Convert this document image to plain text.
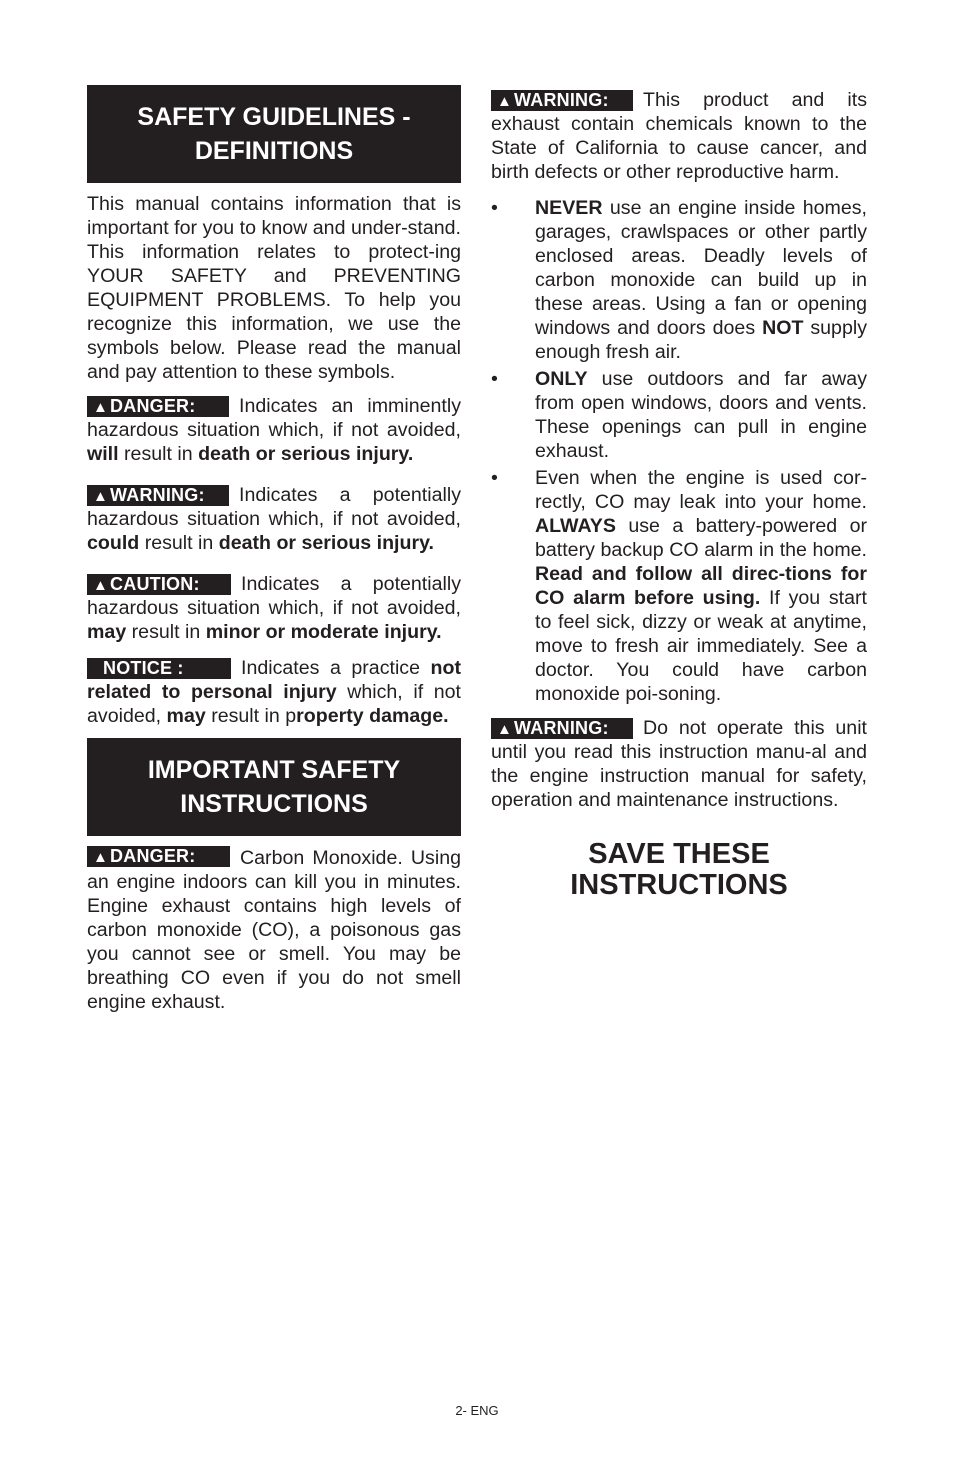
SAFETY GUIDELINES -
DEFINITIONS

This manual contains information that is important for you to know and under-stand. This information relates to protect-ing YOUR SAFETY and PREVENTING EQUIPMENT PROBLEMS. To help you recognize this information, we use the symbols below. Please read the manual and pay attention to these symbols.

▲ DANGER:	Indicates an imminently hazardous situation which, if not avoided, will result in death or serious injury.

▲ WARNING:	Indicates a potentially hazardous situation which, if not avoided, could result in death or serious injury.

▲ CAUTION:	Indicates a potentially hazardous situation which, if not avoided, may result in minor or moderate injury.

NOTICE :	Indicates a practice not related to personal injury which, if not avoided, may result in property damage.

IMPORTANT SAFETY
INSTRUCTIONS
▲ DANGER:	Carbon Monoxide. Using an engine indoors can kill you in minutes. Engine exhaust contains high levels of carbon monoxide (CO), a poisonous gas you cannot see or smell. You may be breathing CO even if you do not smell engine exhaust.

▲ WARNING:	This product and its exhaust contain chemicals known to the State of California to cause cancer, and birth defects or other reproductive harm.

• NEVER use an engine inside homes, garages, crawlspaces or other partly enclosed areas. Deadly levels of carbon monoxide can build up in these areas. Using a fan or opening windows and doors does NOT supply enough fresh air.

• ONLY use outdoors and far away from open windows, doors and vents. These openings can pull in engine exhaust.

• Even when the engine is used cor-rectly, CO may leak into your home. ALWAYS use a battery-powered or battery backup CO alarm in the home. Read and follow all direc-tions for CO alarm before using. If you start to feel sick, dizzy or weak at anytime, move to fresh air immediately. See a doctor. You could have carbon monoxide poi-soning.

▲ WARNING:	Do not operate this unit until you read this instruction manu-al and the engine instruction manual for safety, operation and maintenance instructions.

SAVE THESE
INSTRUCTIONS
2- ENG
